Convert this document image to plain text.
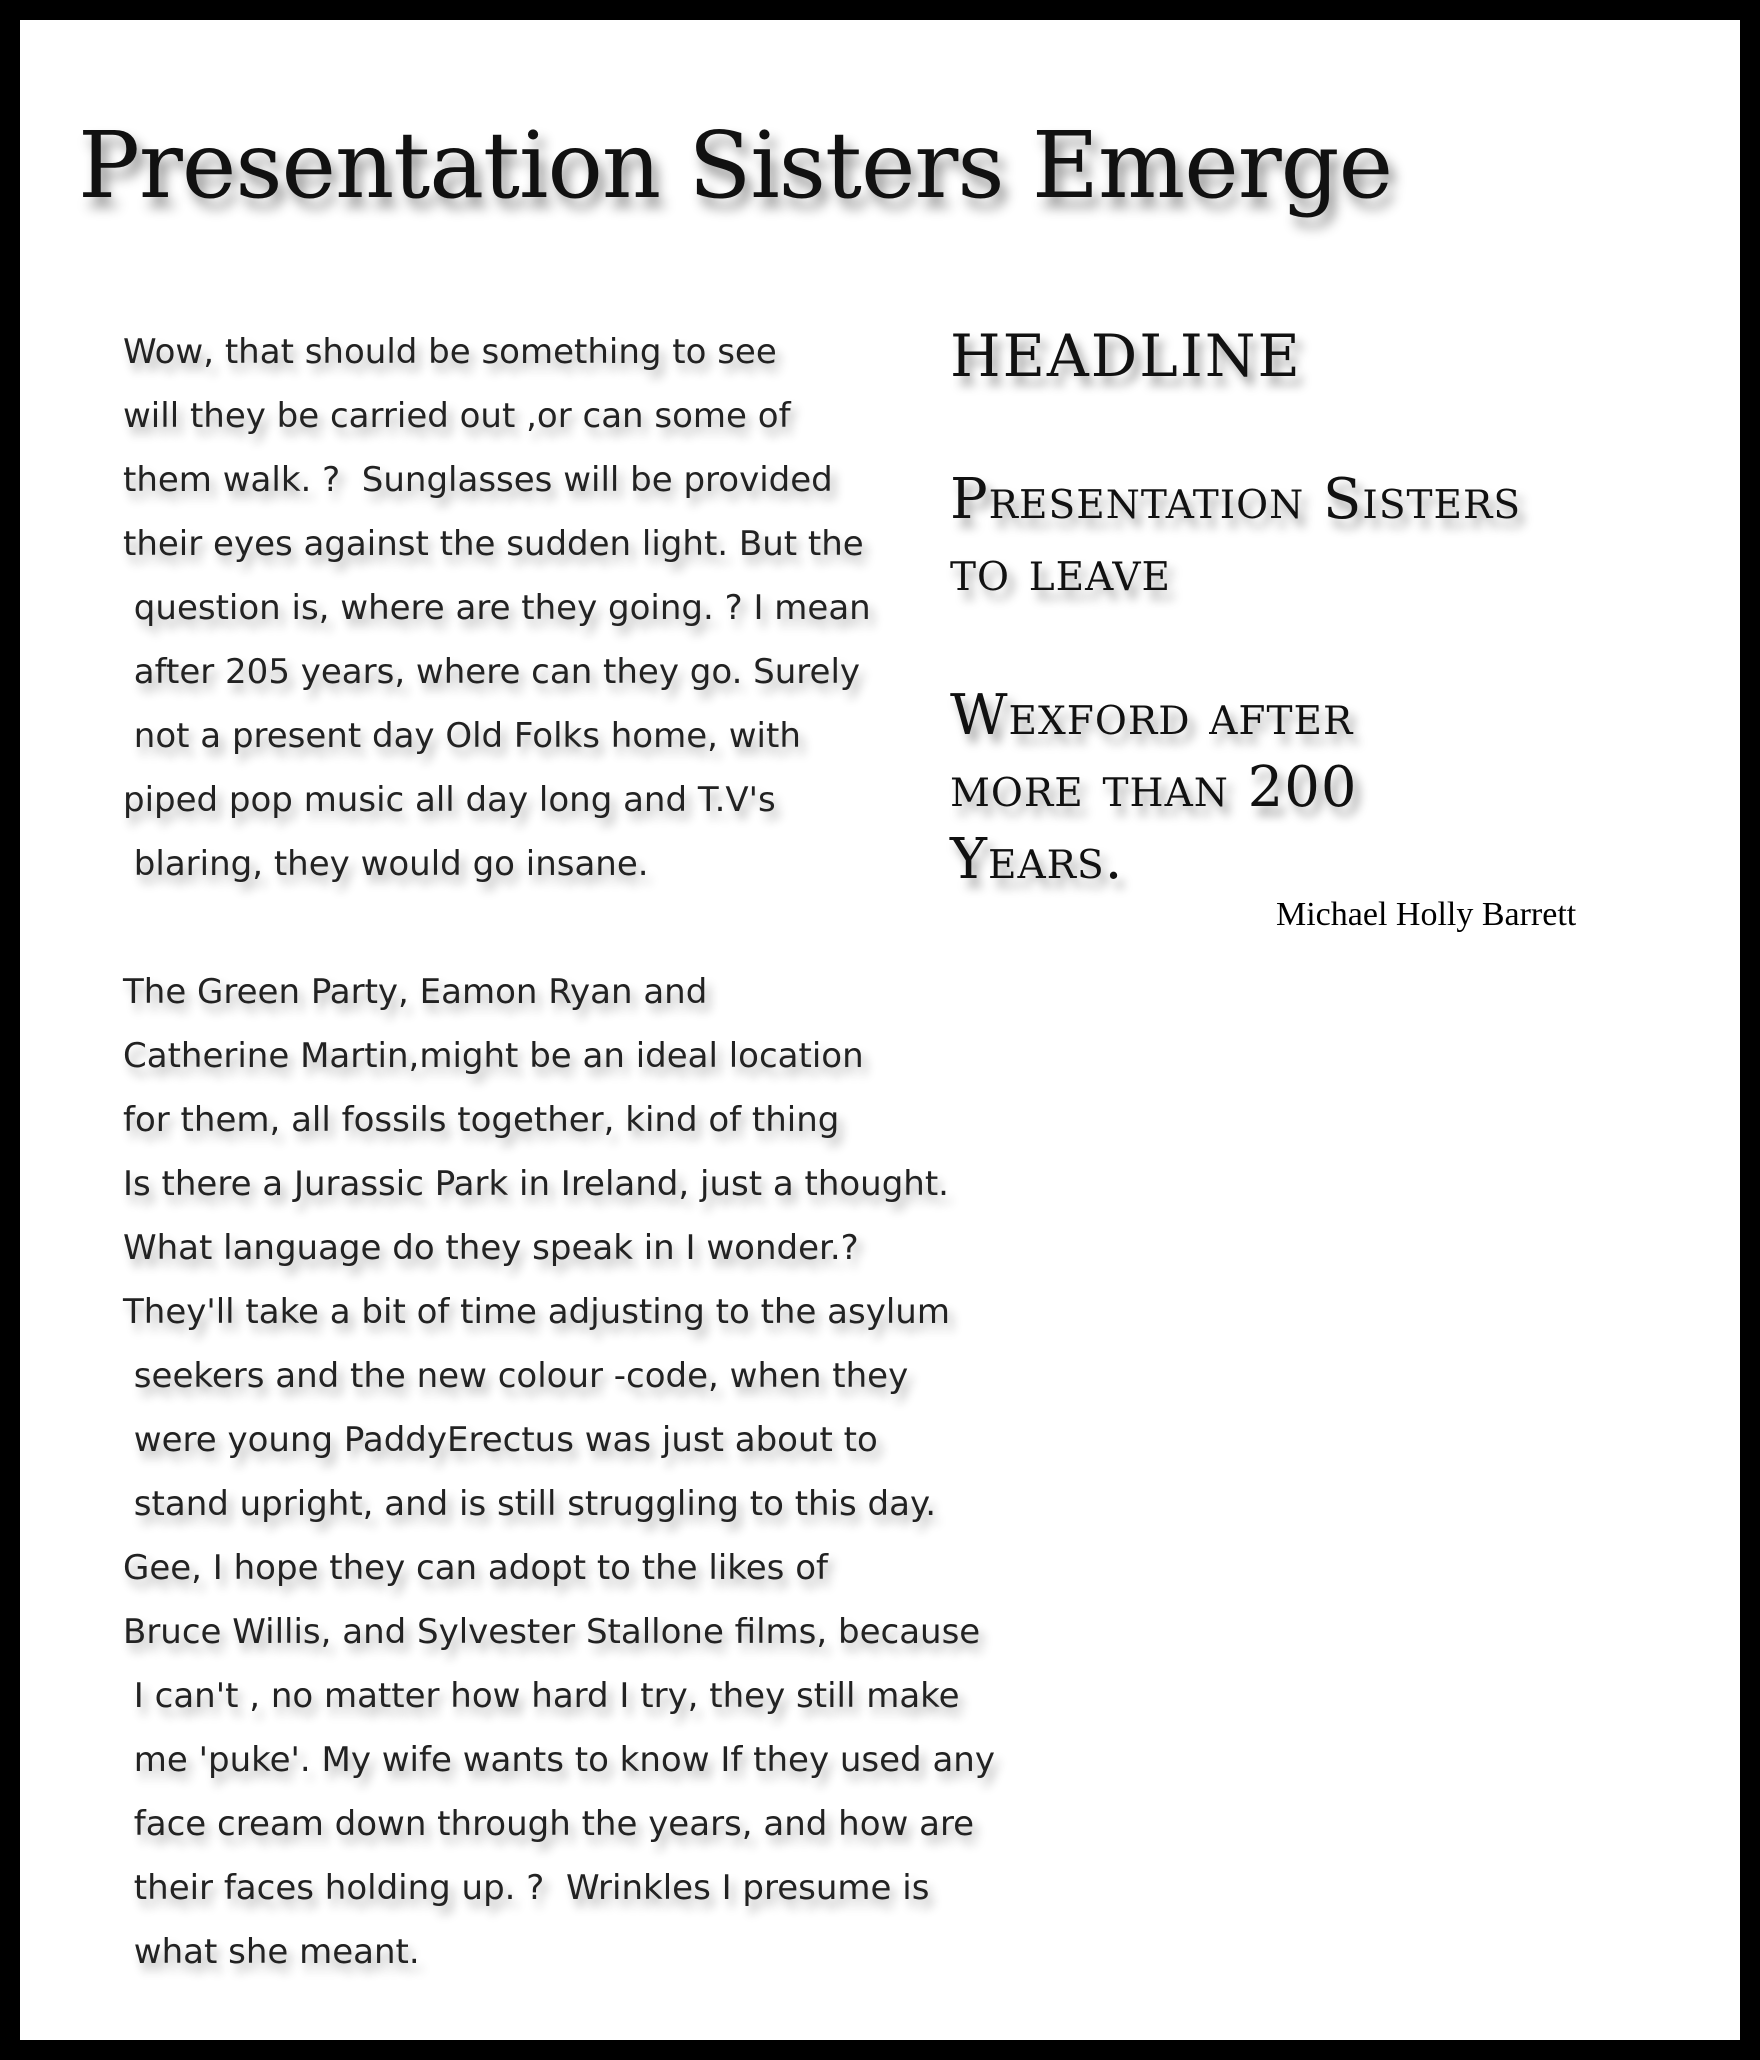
Presentation Sisters Emerge
Wow, that should be something to see
will they be carried out ,or can some of
them walk. ?  Sunglasses will be provided
their eyes against the sudden light. But the
question is, where are they going. ? I mean
after 205 years, where can they go. Surely
not a present day Old Folks home, with
piped pop music all day long and T.V's
blaring, they would go insane.
The Green Party, Eamon Ryan and
Catherine Martin,might be an ideal location
for them, all fossils together, kind of thing
Is there a Jurassic Park in Ireland, just a thought.
What language do they speak in I wonder.?
They'll take a bit of time adjusting to the asylum
seekers and the new colour -code, when they
were young PaddyErectus was just about to
stand upright, and is still struggling to this day.
Gee, I hope they can adopt to the likes of
Bruce Willis, and Sylvester Stallone films, because
I can't , no matter how hard I try, they still make
me 'puke'. My wife wants to know If they used any
face cream down through the years, and how are
their faces holding up. ?  Wrinkles I presume is
what she meant.
HEADLINE
Presentation Sisters
to leave
Wexford after
more than 200
Years.
Michael Holly Barrett
